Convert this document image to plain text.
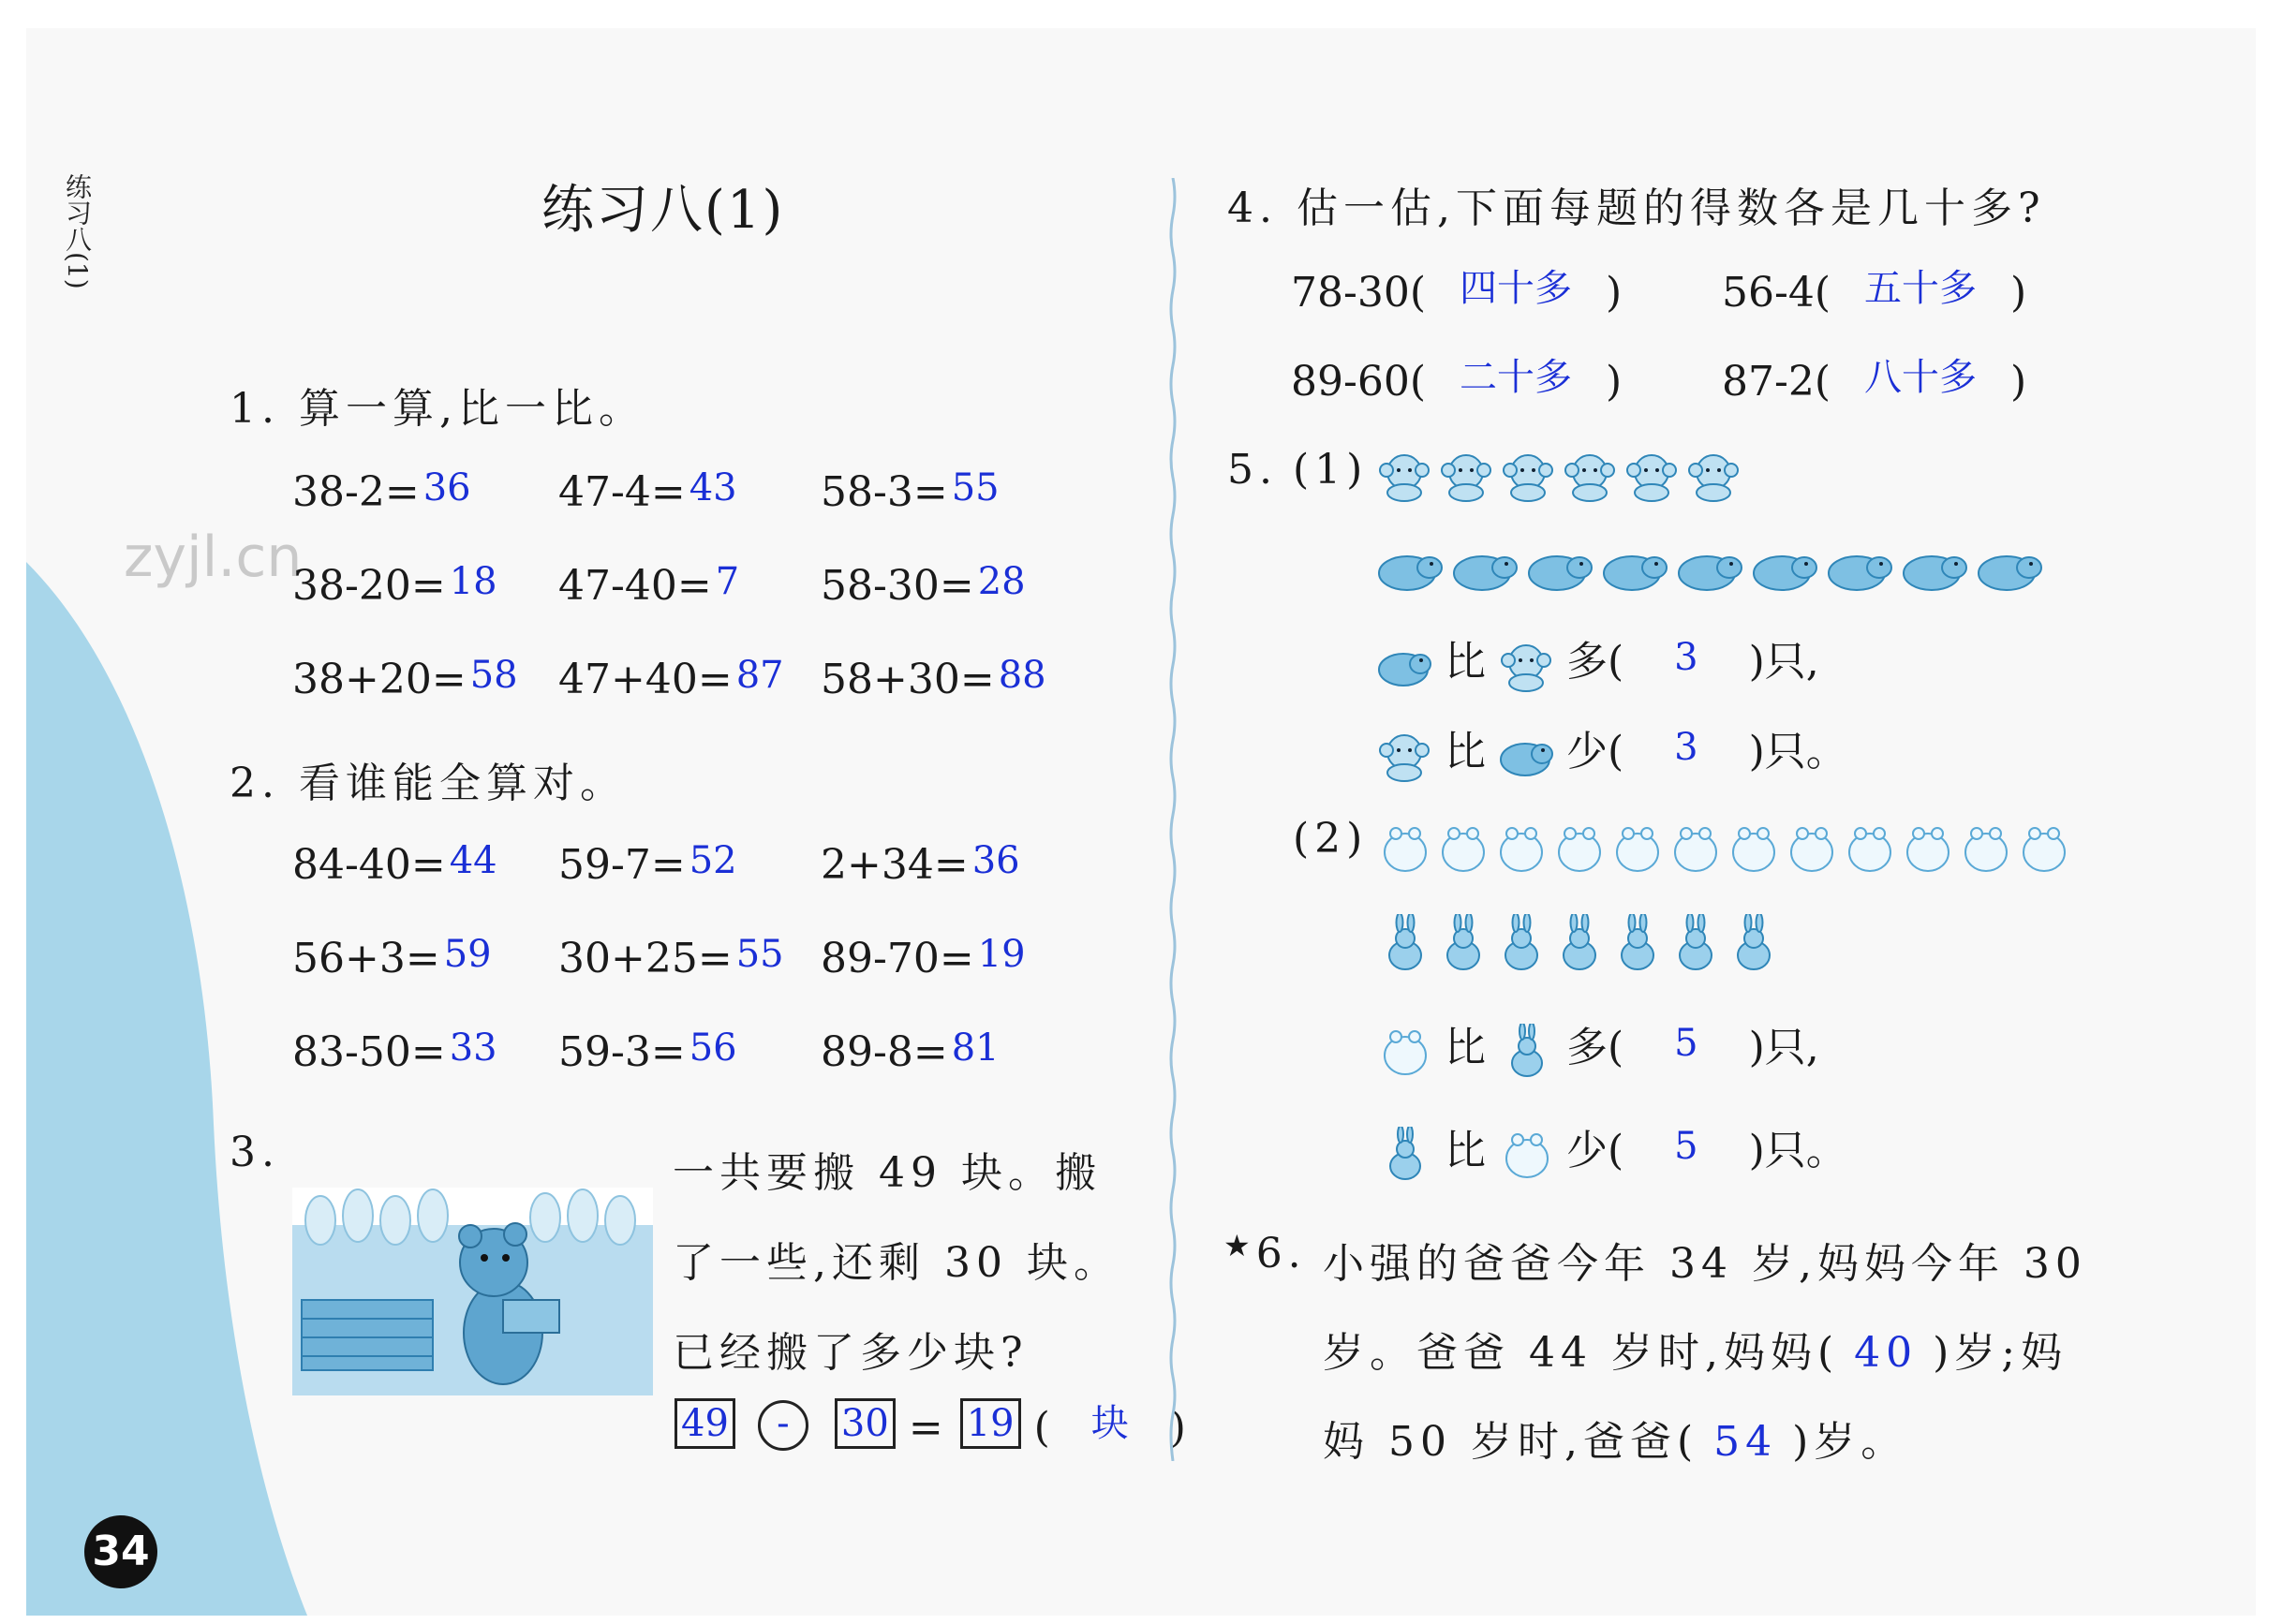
练习八(1)	练习八(1)
zyjl.cn
1. 算一算,比一比。
38-2= 36 47-4= 43 58-3= 55
38-20= 18 47-40= 7 58-30= 28
38+20= 58 47+40= 87 58+30= 88
2. 看谁能全算对。
84-40= 44 59-7= 52 2+34= 36
56+3= 59 30+25= 55 89-70= 19
83-50= 33 59-3= 56 89-8= 81
3.	一共要搬 49 块。搬
了一些,还剩 30 块。
已经搬了多少块?
49 - 30 = 19 ( 块 )
4. 估一估,下面每题的得数各是几十多?
78-30( 四十多 ) 56-4( 五十多 )
89-60( 二十多 ) 87-2( 八十多 )
5. (1)
比 多( 3 )只,
比 少( 3 )只。
(2)
比 多( 5 )只,
比 少( 5 )只。
★6. 小强的爸爸今年 34 岁,妈妈今年 30
岁。爸爸 44 岁时,妈妈( 40 )岁;妈
妈 50 岁时,爸爸( 54 )岁。
34
